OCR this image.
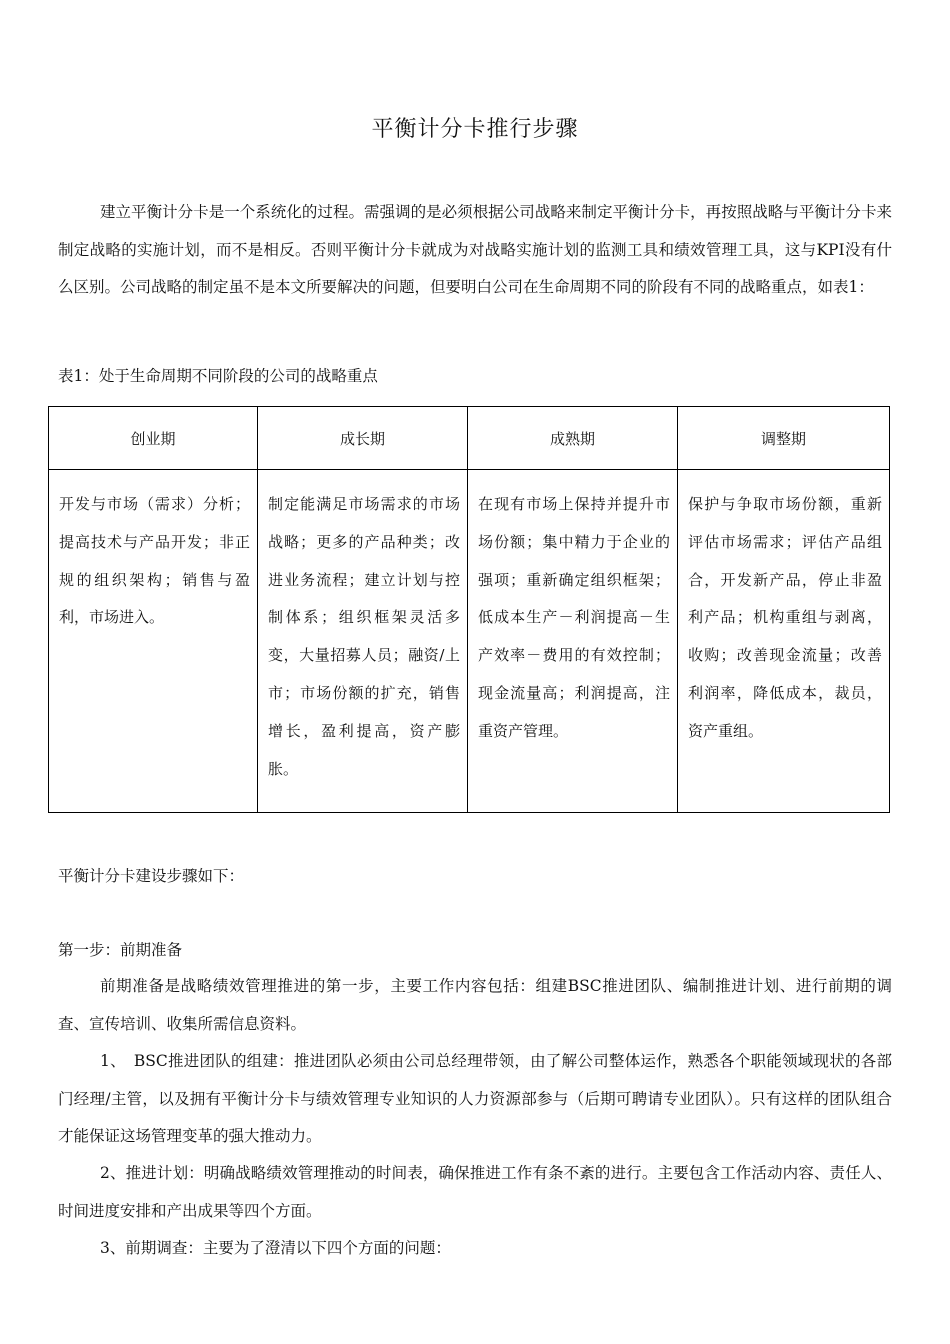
平衡计分卡推行步骤
建立平衡计分卡是一个系统化的过程。需强调的是必须根据公司战略来制定平衡计分卡，再按照战略与平衡计分卡来制定战略的实施计划，而不是相反。否则平衡计分卡就成为对战略实施计划的监测工具和绩效管理工具，这与KPI没有什么区别。公司战略的制定虽不是本文所要解决的问题，但要明白公司在生命周期不同的阶段有不同的战略重点，如表1：
表1：处于生命周期不同阶段的公司的战略重点
创业期	成长期	成熟期	调整期

开发与市场（需求）分析；提高技术与产品开发；非正规的组织架构；销售与盈利，市场进入。	制定能满足市场需求的市场战略；更多的产品种类；改进业务流程；建立计划与控制体系；组织框架灵活多变，大量招募人员；融资/上市；市场份额的扩充，销售增长，盈利提高，资产膨胀。	在现有市场上保持并提升市场份额；集中精力于企业的强项；重新确定组织框架；低成本生产－利润提高－生产效率－费用的有效控制；现金流量高；利润提高，注重资产管理。	保护与争取市场份额，重新评估市场需求；评估产品组合，开发新产品，停止非盈利产品；机构重组与剥离，收购；改善现金流量；改善利润率，降低成本，裁员，资产重组。
平衡计分卡建设步骤如下：
第一步：前期准备
前期准备是战略绩效管理推进的第一步，主要工作内容包括：组建BSC推进团队、编制推进计划、进行前期的调查、宣传培训、收集所需信息资料。
1、　BSC推进团队的组建：推进团队必须由公司总经理带领，由了解公司整体运作，熟悉各个职能领域现状的各部门经理/主管，以及拥有平衡计分卡与绩效管理专业知识的人力资源部参与（后期可聘请专业团队）。只有这样的团队组合才能保证这场管理变革的强大推动力。
2、推进计划：明确战略绩效管理推动的时间表，确保推进工作有条不紊的进行。主要包含工作活动内容、责任人、时间进度安排和产出成果等四个方面。
3、前期调查：主要为了澄清以下四个方面的问题：
